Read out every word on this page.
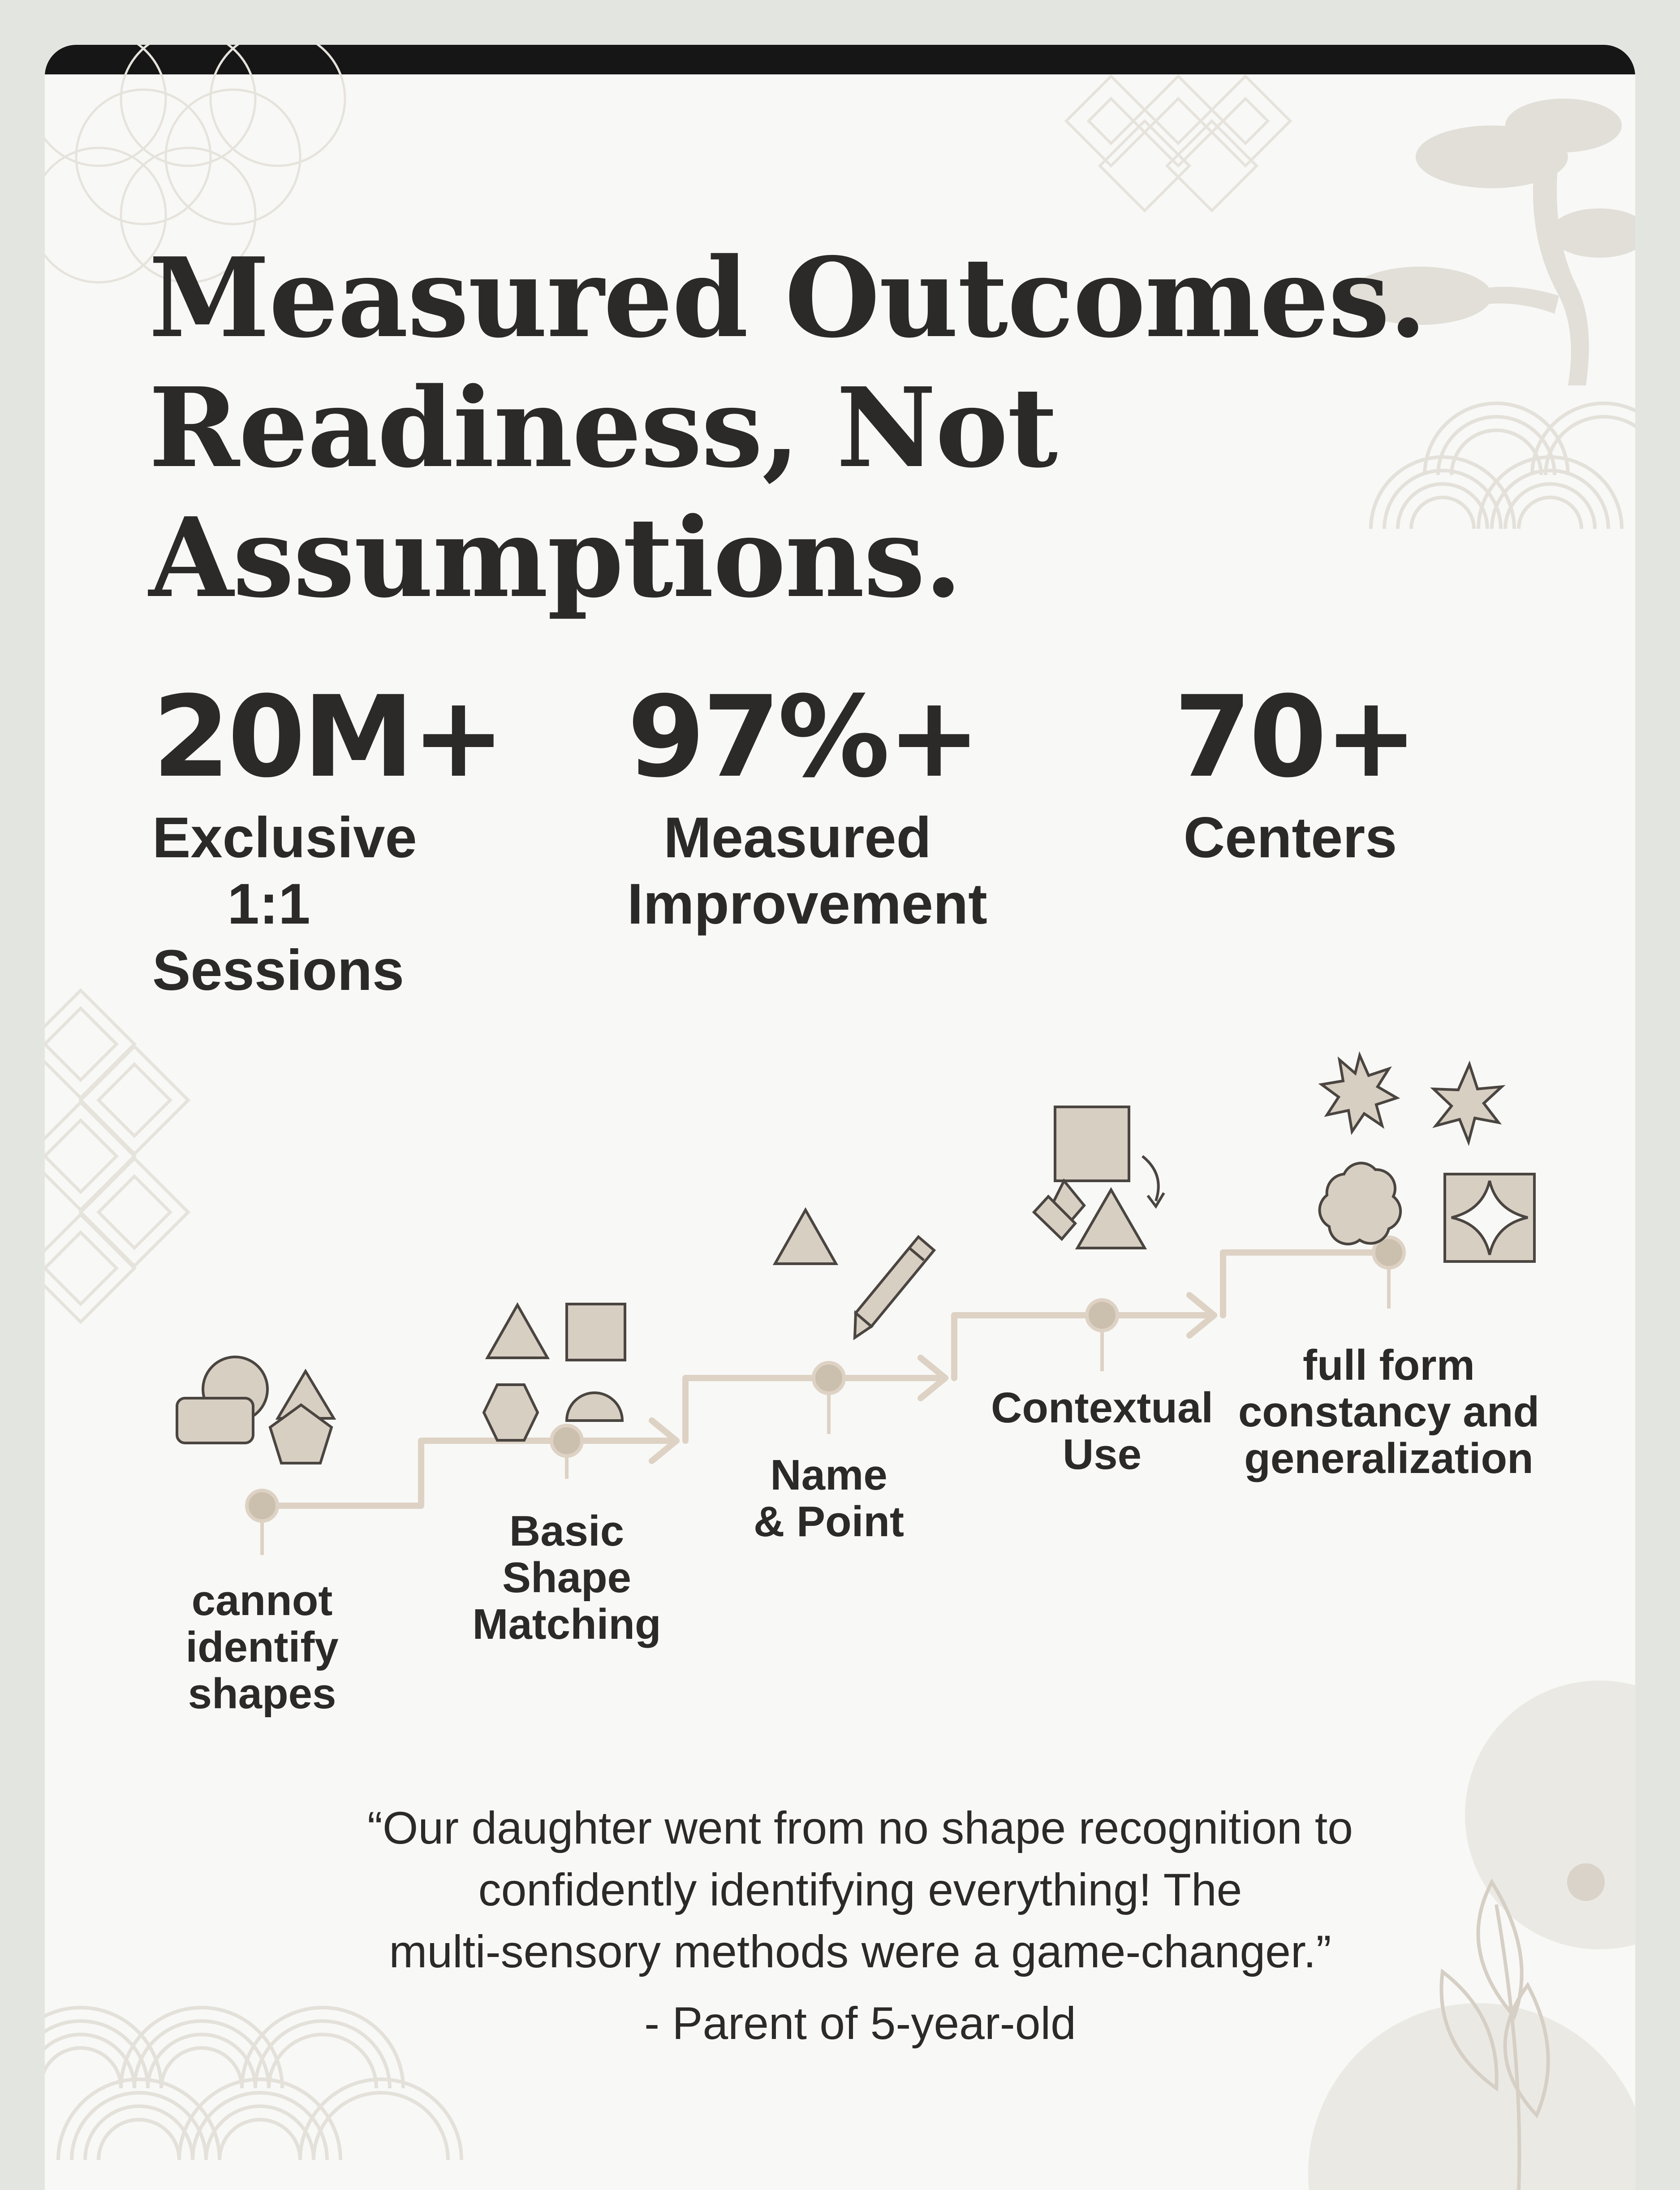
Measured Outcomes.
Readiness, Not
Assumptions.
20M+
Exclusive
1:1 Sessions
97%+
Measured
Improvement
70+
Centers
cannot
identify
shapes
Basic
Shape
Matching
Name
& Point
Contextual
Use
full form
constancy and
generalization
“Our daughter went from no shape recognition to
confidently identifying everything! The
multi-sensory methods were a game-changer.”
- Parent of 5-year-old
